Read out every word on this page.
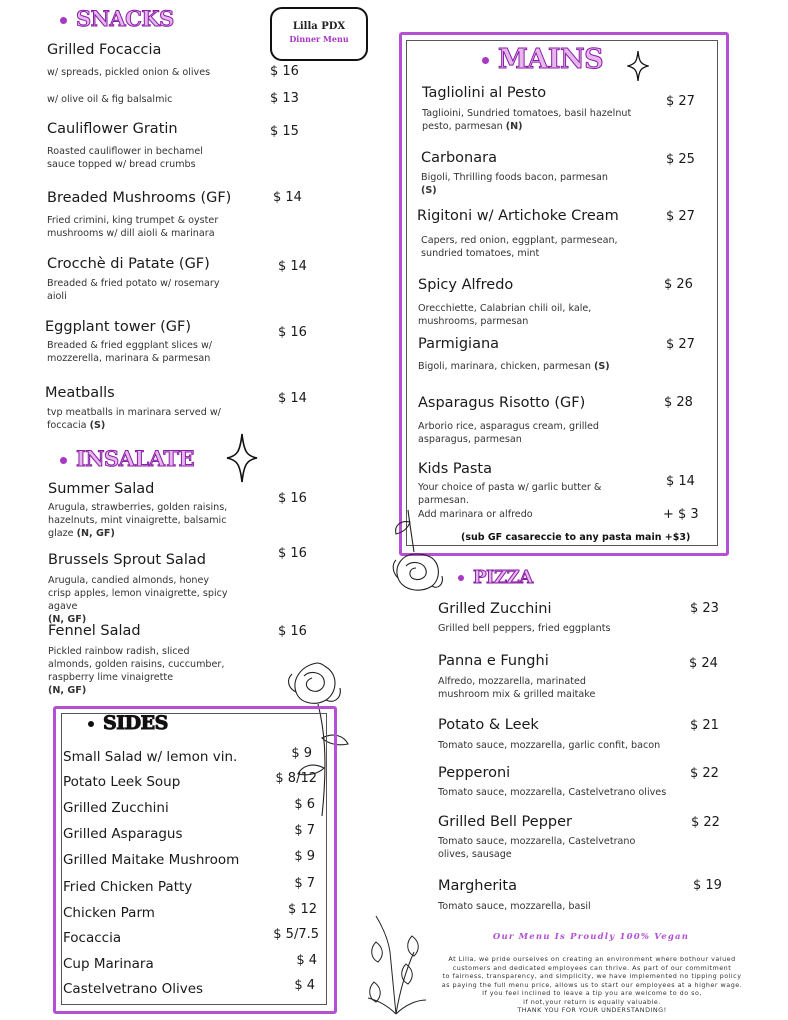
Lilla PDX
Dinner Menu
SNACKS
Grilled Focaccia
w/ spreads, pickled onion & olives	$ 16
w/ olive oil & fig balsalmic	$ 13
Cauliflower Gratin
Roasted cauliflower in bechamel sauce topped w/ bread crumbs
$ 15
Breaded Mushrooms (GF)
Fried crimini, king trumpet & oyster mushrooms w/ dill aioli & marinara
$ 14
Crocchè di Patate (GF)
Breaded & fried potato w/ rosemary aioli
$ 14
Eggplant tower (GF)
Breaded & fried eggplant slices w/ mozzerella, marinara & parmesan
$ 16
Meatballs
tvp meatballs in marinara served w/ foccacia (S)
$ 14
INSALATE
Summer Salad
Arugula, strawberries, golden raisins, hazelnuts, mint vinaigrette, balsamic glaze (N, GF)
$ 16
Brussels Sprout Salad
Arugula, candied almonds, honey crisp apples, lemon vinaigrette, spicy agave
(N, GF)
$ 16
Fennel Salad
Pickled rainbow radish, sliced almonds, golden raisins, cuccumber, raspberry lime vinaigrette
(N, GF)
$ 16
SIDES
Small Salad w/ lemon vin.	$ 9
Potato Leek Soup	$ 8/12
Grilled Zucchini	$ 6
Grilled Asparagus	$ 7
Grilled Maitake Mushroom	$ 9
Fried Chicken Patty	$ 7
Chicken Parm	$ 12
Focaccia	$ 5/7.5
Cup Marinara	$ 4
Castelvetrano Olives	$ 4
MAINS
Tagliolini al Pesto
Taglioini, Sundried tomatoes, basil hazelnut pesto, parmesan (N)
$ 27
Carbonara
Bigoli, Thrilling foods bacon, parmesan
(S)
$ 25
Rigitoni w/ Artichoke Cream
Capers, red onion, eggplant, parmesean, sundried tomatoes, mint
$ 27
Spicy Alfredo
Orecchiette, Calabrian chili oil, kale, mushrooms, parmesan
$ 26
Parmigiana
Bigoli, marinara, chicken, parmesan (S)
$ 27
Asparagus Risotto (GF)
Arborio rice, asparagus cream, grilled asparagus, parmesan
$ 28
Kids Pasta
Your choice of pasta w/ garlic butter & parmesan.
$ 14
Add marinara or alfredo	+ $ 3
(sub GF casareccie to any pasta main +$3)
PIZZA
Grilled Zucchini
Grilled bell peppers, fried eggplants
$ 23
Panna e Funghi
Alfredo, mozzarella, marinated mushroom mix & grilled maitake
$ 24
Potato & Leek
Tomato sauce, mozzarella, garlic confit, bacon
$ 21
Pepperoni
Tomato sauce, mozzarella, Castelvetrano olives
$ 22
Grilled Bell Pepper
Tomato sauce, mozzarella, Castelvetrano olives, sausage
$ 22
Margherita
Tomato sauce, mozzarella, basil
$ 19
Our Menu Is Proudly 100% Vegan
At Lilla, we pride ourselves on creating an environment where bothour valued
customers and dedicated employees can thrive. As part of our commitment
to fairness, transparency, and simplicity, we have implemented no tipping policy
as paying the full menu price, allows us to start our employees at a higher wage.
If you feel inclined to leave a tip you are welcome to do so,
if not,your return is equally valuable.
THANK YOU FOR YOUR UNDERSTANDING!
